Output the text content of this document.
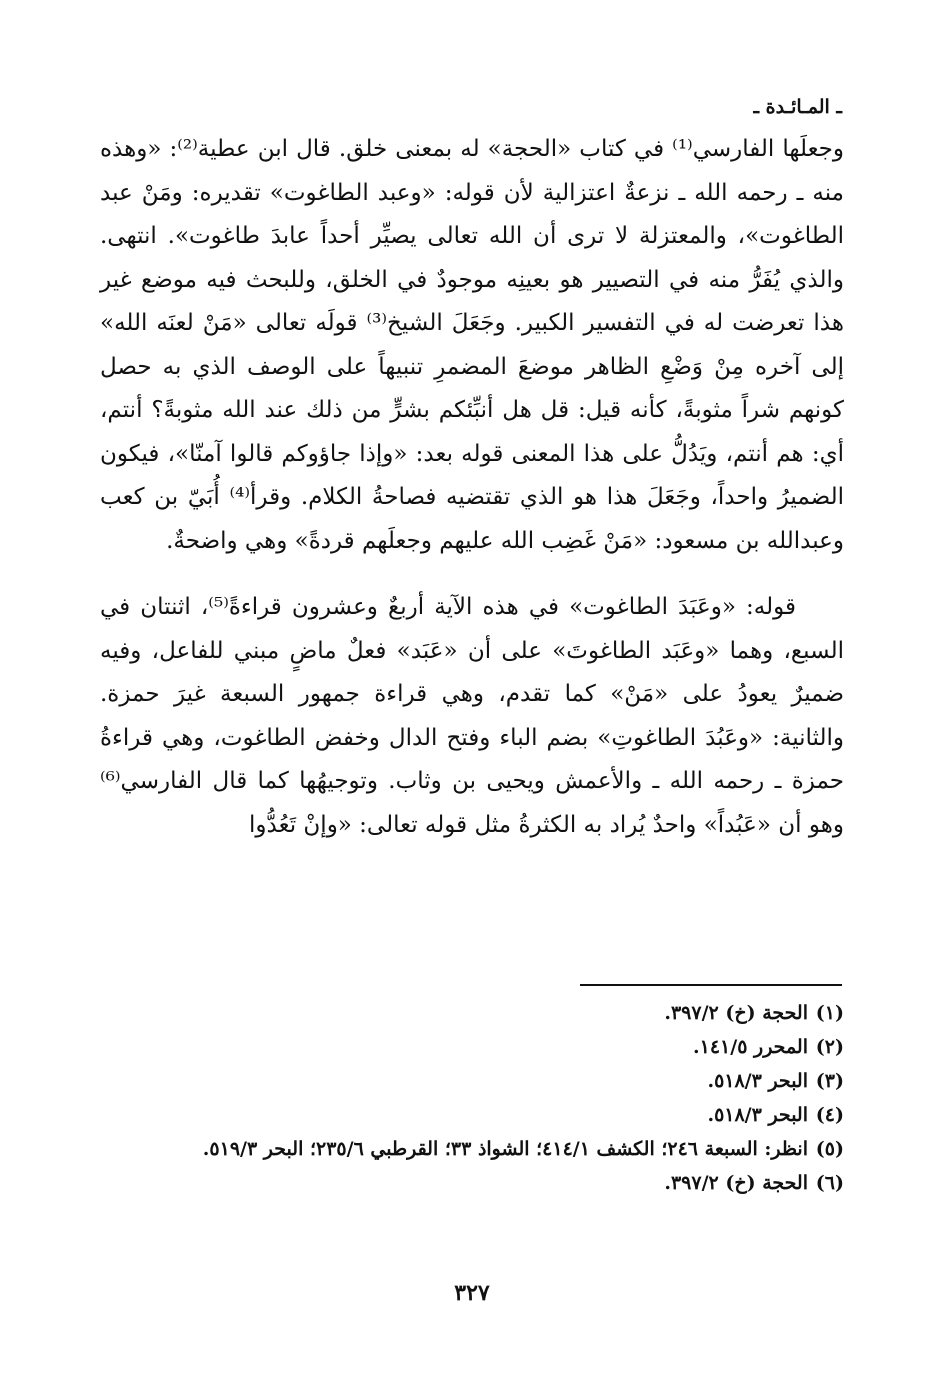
ـ المـائـدة ـ

وجعلَها الفارسي⁽¹⁾ في كتاب «الحجة» له بمعنى خلق. قال ابن عطية⁽²⁾: «وهذه منه ـ رحمه الله ـ نزعةٌ اعتزالية لأن قوله: «وعبد الطاغوت» تقديره: ومَنْ عبد الطاغوت»، والمعتزلة لا ترى أن الله تعالى يصيِّر أحداً عابدَ طاغوت». انتهى. والذي يُفَرُّ منه في التصيير هو بعينِه موجودٌ في الخلق، وللبحث فيه موضع غير هذا تعرضت له في التفسير الكبير. وجَعَلَ الشيخ⁽³⁾ قولَه تعالى «مَنْ لعنَه الله» إلى آخره مِنْ وَضْعِ الظاهر موضعَ المضمرِ تنبيهاً على الوصف الذي به حصل كونهم شراً مثوبةً، كأنه قيل: قل هل أنبِّئكم بشرٍّ من ذلك عند الله مثوبةً؟ أنتم، أي: هم أنتم، ويَدُلُّ على هذا المعنى قوله بعد: «وإذا جاؤوكم قالوا آمنّا»، فيكون الضميرُ واحداً، وجَعَلَ هذا هو الذي تقتضيه فصاحةُ الكلام. وقرأ⁽⁴⁾ أُبَيّ بن كعب وعبدالله بن مسعود: «مَنْ غَضِب الله عليهم وجعلَهم قردةً» وهي واضحةٌ.

قوله: «وعَبَدَ الطاغوت» في هذه الآية أربعٌ وعشرون قراءةً⁽⁵⁾، اثنتان في السبع، وهما «وعَبَد الطاغوتَ» على أن «عَبَد» فعلٌ ماضٍ مبني للفاعل، وفيه ضميرٌ يعودُ على «مَنْ» كما تقدم، وهي قراءة جمهور السبعة غيرَ حمزة. والثانية: «وعَبُدَ الطاغوتِ» بضم الباء وفتح الدال وخفض الطاغوت، وهي قراءةُ حمزة ـ رحمه الله ـ والأعمش ويحيى بن وثاب. وتوجيهُها كما قال الفارسي⁽⁶⁾ وهو أن «عَبُداً» واحدٌ يُراد به الكثرةُ مثل قوله تعالى: «وإنْ تَعُدُّوا

(١)
الحجة (خ) ٣٩٧/٢.
(٢)
المحرر ١٤١/٥.
(٣)
البحر ٥١٨/٣.
(٤)
البحر ٥١٨/٣.
(٥)
انظر: السبعة ٢٤٦؛ الكشف ٤١٤/١؛ الشواذ ٣٣؛ القرطبي ٢٣٥/٦؛ البحر ٥١٩/٣.
(٦)
الحجة (خ) ٣٩٧/٢.
٣٢٧
